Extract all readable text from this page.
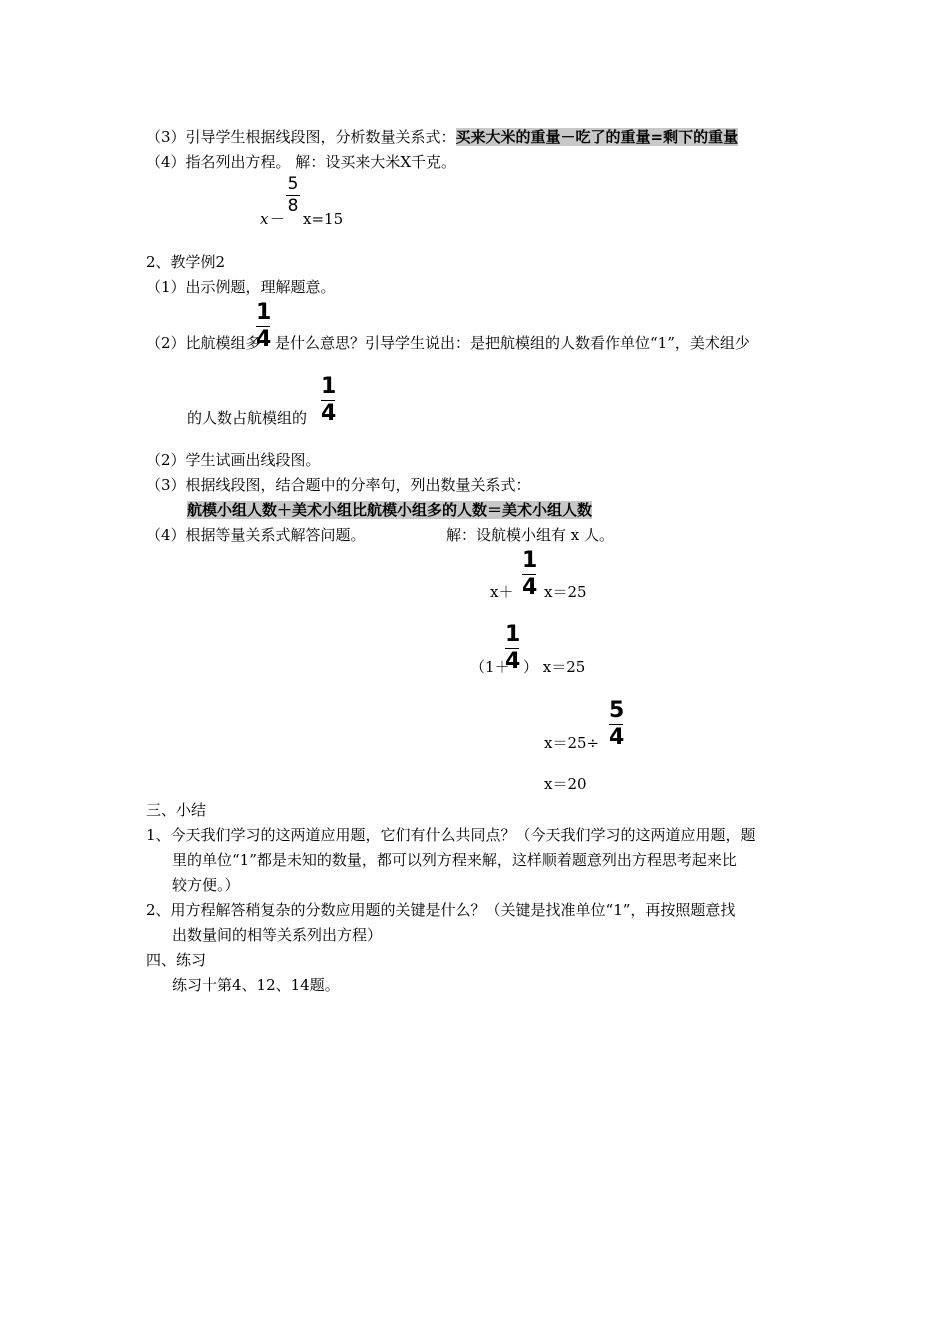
（3）引导学生根据线段图，分析数量关系式：买来大米的重量－吃了的重量=剩下的重量
（4）指名列出方程。 解：设买来大米X千克。
x－
5
8
x=15
2、教学例2
（1）出示例题，理解题意。
（2）比航模组多
1
4 是什么意思？引导学生说出：是把航模组的人数看作单位“1”，美术组少
的人数占航模组的
1
4
（2）学生试画出线段图。
（3）根据线段图，结合题中的分率句，列出数量关系式：
航模小组人数＋美术小组比航模小组多的人数＝美术小组人数
（4）根据等量关系式解答问题。	解：设航模小组有 x 人。
x＋
1
4 x＝25
（1＋
1
4 ） x＝25
x＝25÷
5
4
x＝20
三、小结
1、今天我们学习的这两道应用题，它们有什么共同点？（今天我们学习的这两道应用题，题
里的单位“1”都是未知的数量，都可以列方程来解，这样顺着题意列出方程思考起来比
较方便。）
2、用方程解答稍复杂的分数应用题的关键是什么？（关键是找准单位“1”，再按照题意找
出数量间的相等关系列出方程）
四、练习
练习十第4、12、14题。
